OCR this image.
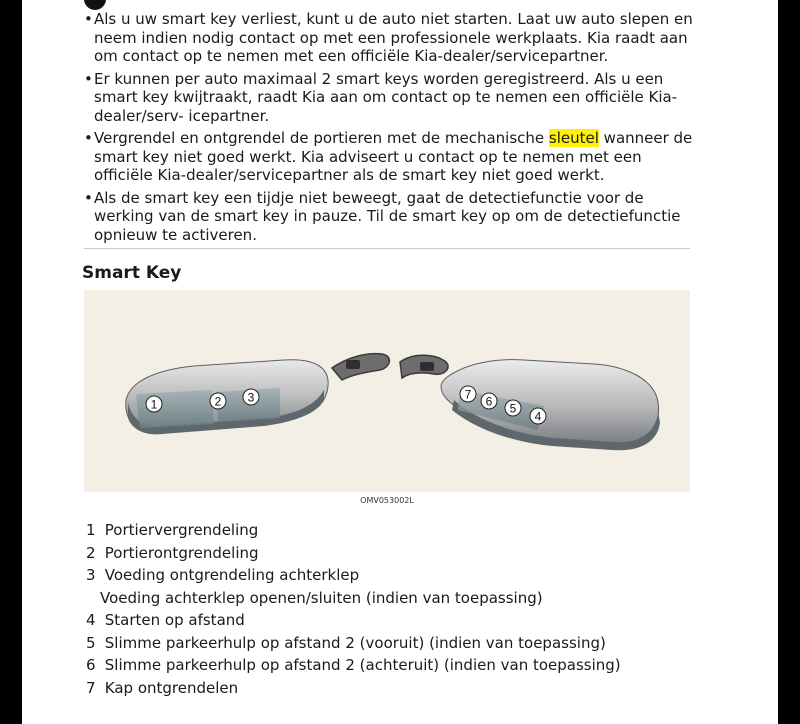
• Als u uw smart key verliest, kunt u de auto niet starten. Laat uw auto slepen en neem indien nodig contact op met een professionele werkplaats. Kia raadt aan om contact op te nemen met een officiële Kia-dealer/servicepartner.
• Er kunnen per auto maximaal 2 smart keys worden geregistreerd. Als u een smart key kwijtraakt, raadt Kia aan om contact op te nemen een officiële Kia-dealer/serv- icepartner.
• Vergrendel en ontgrendel de portieren met de mechanische sleutel wanneer de smart key niet goed werkt. Kia adviseert u contact op te nemen met een officiële Kia-dealer/servicepartner als de smart key niet goed werkt.
• Als de smart key een tijdje niet beweegt, gaat de detectiefunctie voor de werking van de smart key in pauze. Til de smart key op om de detectiefunctie opnieuw te activeren.
Smart Key
1	2 3	7 6 5
4
OMV053002L
1 Portiervergrendeling
2 Portierontgrendeling
3 Voeding ontgrendeling achterklep
Voeding achterklep openen/sluiten (indien van toepassing)
4 Starten op afstand
5 Slimme parkeerhulp op afstand 2 (vooruit) (indien van toepassing)
6 Slimme parkeerhulp op afstand 2 (achteruit) (indien van toepassing)
7 Kap ontgrendelen
